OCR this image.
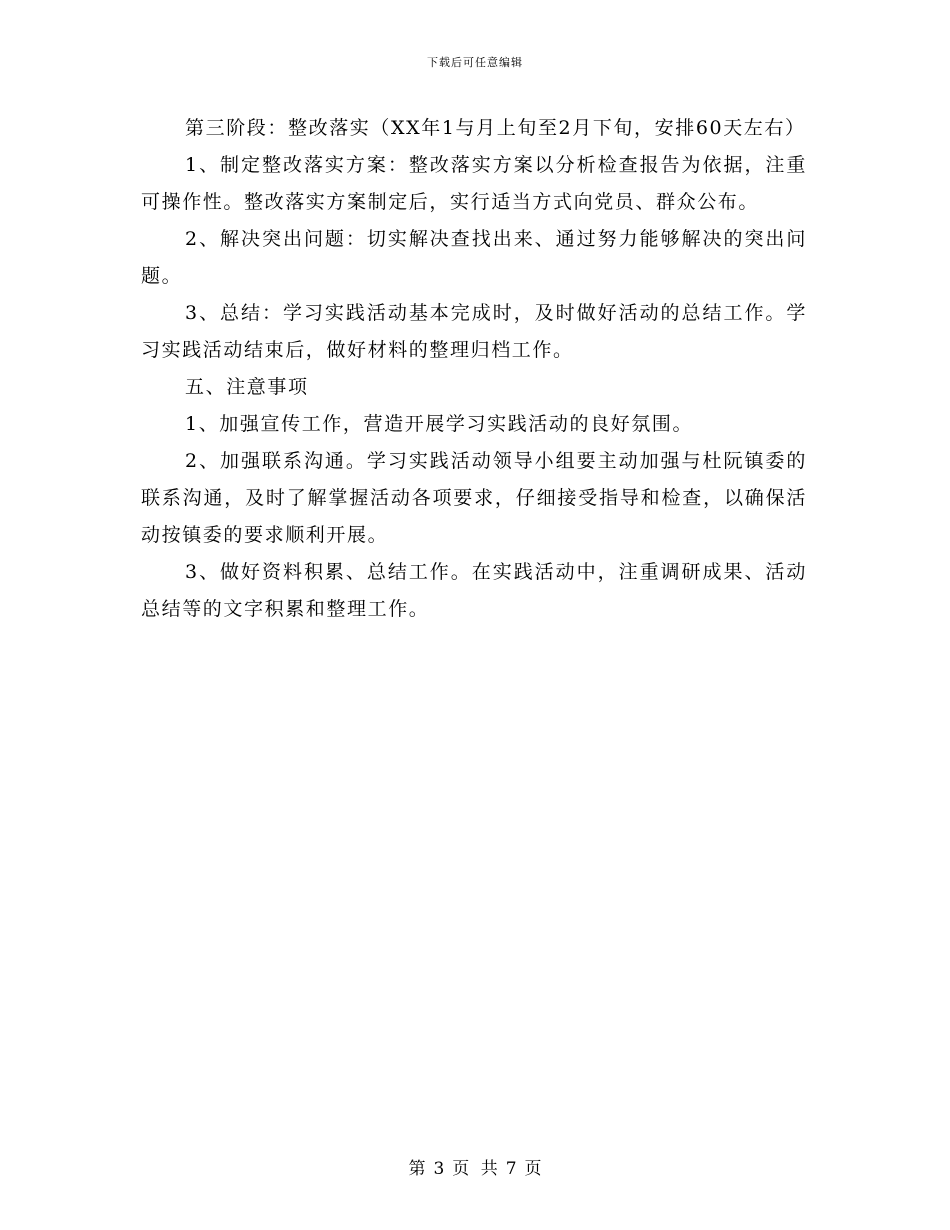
下载后可任意编辑

第三阶段：整改落实（XX年1与月上旬至2月下旬，安排60天左右）

1、制定整改落实方案：整改落实方案以分析检查报告为依据，注重可操作性。整改落实方案制定后，实行适当方式向党员、群众公布。

2、解决突出问题：切实解决查找出来、通过努力能够解决的突出问题。

3、总结：学习实践活动基本完成时，及时做好活动的总结工作。学习实践活动结束后，做好材料的整理归档工作。

五、注意事项

1、加强宣传工作，营造开展学习实践活动的良好氛围。

2、加强联系沟通。学习实践活动领导小组要主动加强与杜阮镇委的联系沟通，及时了解掌握活动各项要求，仔细接受指导和检查，以确保活动按镇委的要求顺利开展。

3、做好资料积累、总结工作。在实践活动中，注重调研成果、活动总结等的文字积累和整理工作。

第 3 页 共 7 页
